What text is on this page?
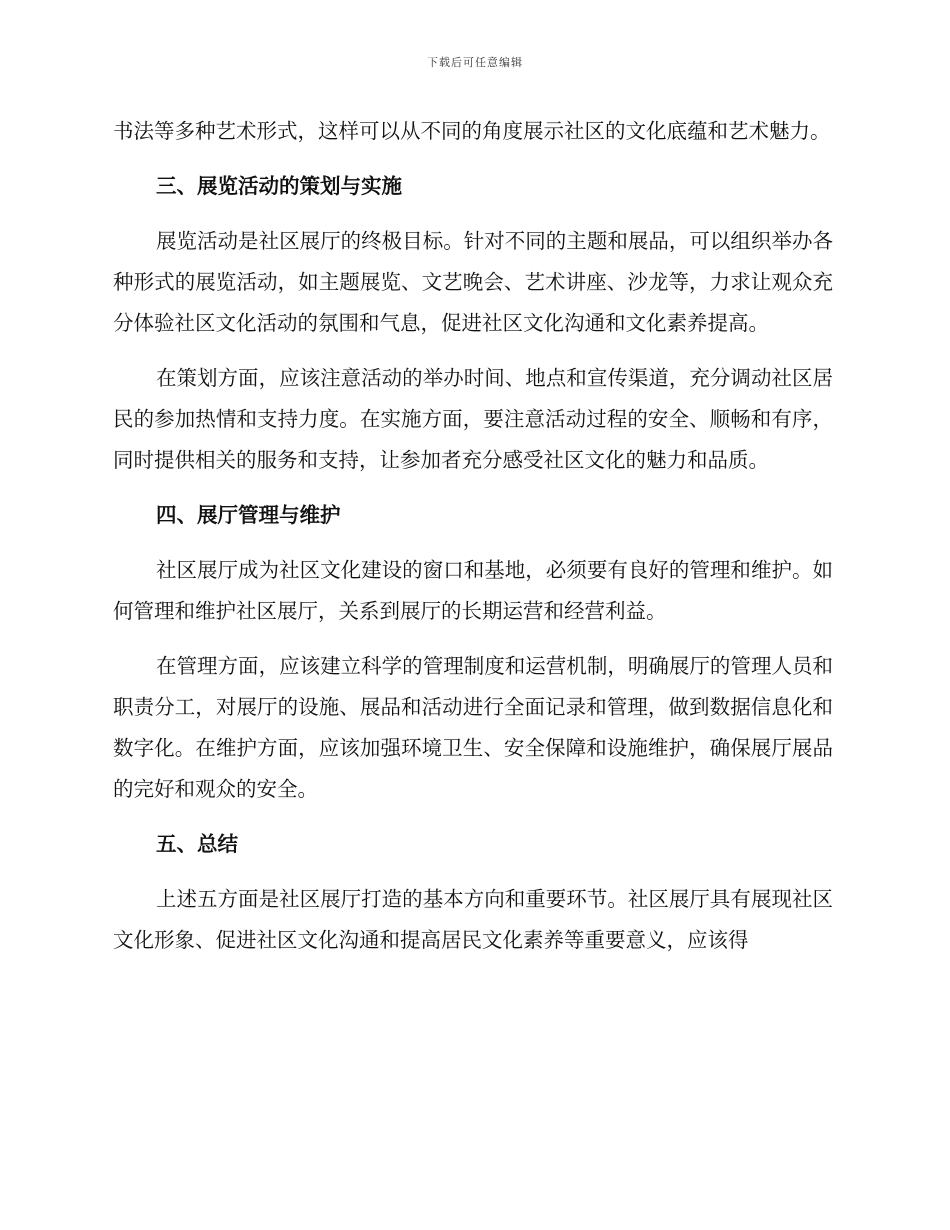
下载后可任意编辑

书法等多种艺术形式，这样可以从不同的角度展示社区的文化底蕴和艺术魅力。

三、展览活动的策划与实施

展览活动是社区展厅的终极目标。针对不同的主题和展品，可以组织举办各种形式的展览活动，如主题展览、文艺晚会、艺术讲座、沙龙等，力求让观众充分体验社区文化活动的氛围和气息，促进社区文化沟通和文化素养提高。

在策划方面，应该注意活动的举办时间、地点和宣传渠道，充分调动社区居民的参加热情和支持力度。在实施方面，要注意活动过程的安全、顺畅和有序，同时提供相关的服务和支持，让参加者充分感受社区文化的魅力和品质。

四、展厅管理与维护

社区展厅成为社区文化建设的窗口和基地，必须要有良好的管理和维护。如何管理和维护社区展厅，关系到展厅的长期运营和经营利益。

在管理方面，应该建立科学的管理制度和运营机制，明确展厅的管理人员和职责分工，对展厅的设施、展品和活动进行全面记录和管理，做到数据信息化和数字化。在维护方面，应该加强环境卫生、安全保障和设施维护，确保展厅展品的完好和观众的安全。

五、总结

上述五方面是社区展厅打造的基本方向和重要环节。社区展厅具有展现社区文化形象、促进社区文化沟通和提高居民文化素养等重要意义，应该得
